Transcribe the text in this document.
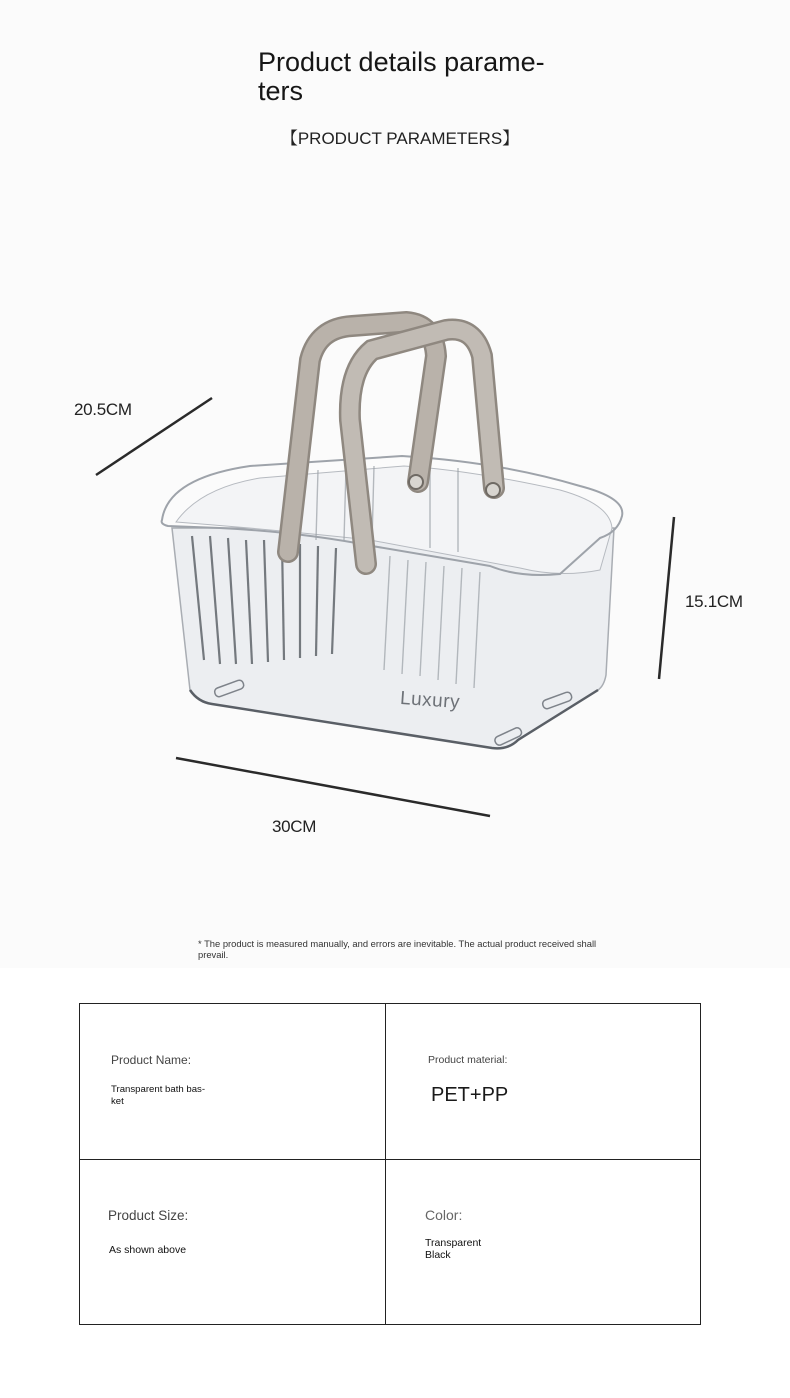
Product details parame-
ters
【PRODUCT PARAMETERS】
Luxury
20.5CM
15.1CM
30CM
* The product is measured manually, and errors are inevitable. The actual product received shall prevail.
Product Name:
Transparent bath bas-
ket
Product material:
PET+PP
Product Size:
As shown above
Color:
Transparent
Black
